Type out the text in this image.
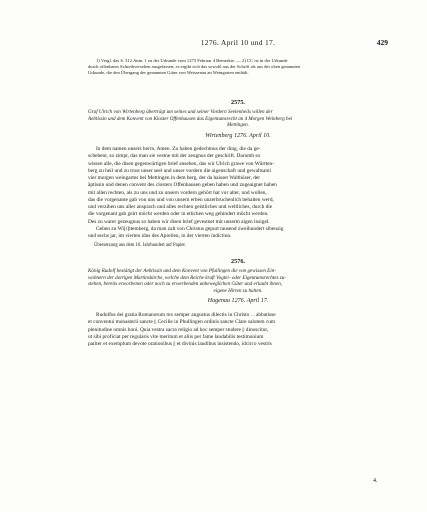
1276. April 10 und 17.	429

1) Vergl. das S. 312 Anm. 1 zu der Urkunde vom 1275 Februar 4 Bemerkte. — 2) CC ist in der Urkunde
durch offenbares Schreibversehen ausgelassen; es ergibt sich das sowohl aus der Schrift als aus der oben genannten
Urkunde, die den Übergang der genannten Güter von Weissenau an Weingarten enthält.

2575.
Graf Ulrich von Wirtenberg überträgt um seines und seiner Vordern Seelenheils willen der
Aebtissin und dem Konvent von Kloster Offenhausen das Eigentumsrecht an 4 Morgen Weinberg bei
Mettingen.
Wirtenberg 1276. April 10.
In dem namen unsers herrn. Amen. Zu haben gedechtnus der ding, die da ge-
schehent, so zimpt, das man sie vestne mit der zeugnus der geschrift. Darumb so
wissen alle, die disen gegenwürtigen brief ansehen, das wir Ulrich grawe von Württen-
berg zu heil und zu trost unser seel und unser vordern die aigenschaft und gewaltsami
vier morgen weingartes bei Mettingen in dem berg, der da haisset Walthöser, der
äptissin und denen convent des closters Offenhausen geben haben und zugeaignet haben
mit allen rechten, als zu uns und zu unsern vordern gehört hat vor alter, und wollen,
das die vorgenante gab von uns und von unsern erben unzerbruchenlich behalten werd,
und verzihen uns aller ansprach und alles rechten geistliches und weltliches, durch die
die vorgenant gab geirt möcht werden oder in etlichen weg gehindert möcht werden.
Des zu warer gezeugnus so haben wir disen brief gevestnet mit unserm aigen insigel.
Geben zu Wi[r]ttemberg, da man zalt von Christus gepurt tausend zweihundert sibenzig
und sechs jar, im vierten idus des Apreilen, in der vierten indiction.
Übersetzung aus dem 16. Jahrhundert auf Papier.
2576.
König Rudolf bestätigt der Aebtissin und dem Konvent von Pfullingen die von gewissen Ein-
wohnern der dortigen Martinskirche, welche dem Reiche kraft Vogtei- oder Eigentumsrechtes zu-
stehen, bereits erworbenen oder noch zu erwerbenden unbeweglichen Güter und erlaubt ihnen,
eigene Hirten zu halten.
Hagenau 1276. April 17.
Rudolfus dei gratia Romanorum rex semper augustus dilectis in Christo . . abbatisse
et conventui monasterii sancte || Cecilie in Phullingen ordinis sancte Clare salutem cum
plenitudine omnis boni. Quia vestra sacra religio ad hoc semper studere || dinoscitur,
ut sibi proficiat per regularis vite meritum et aliis per fame laudabilis testimonium
pariter et exemplum devote orationibus || et divinis laudibus insistendo, idcirco vestris
4.
